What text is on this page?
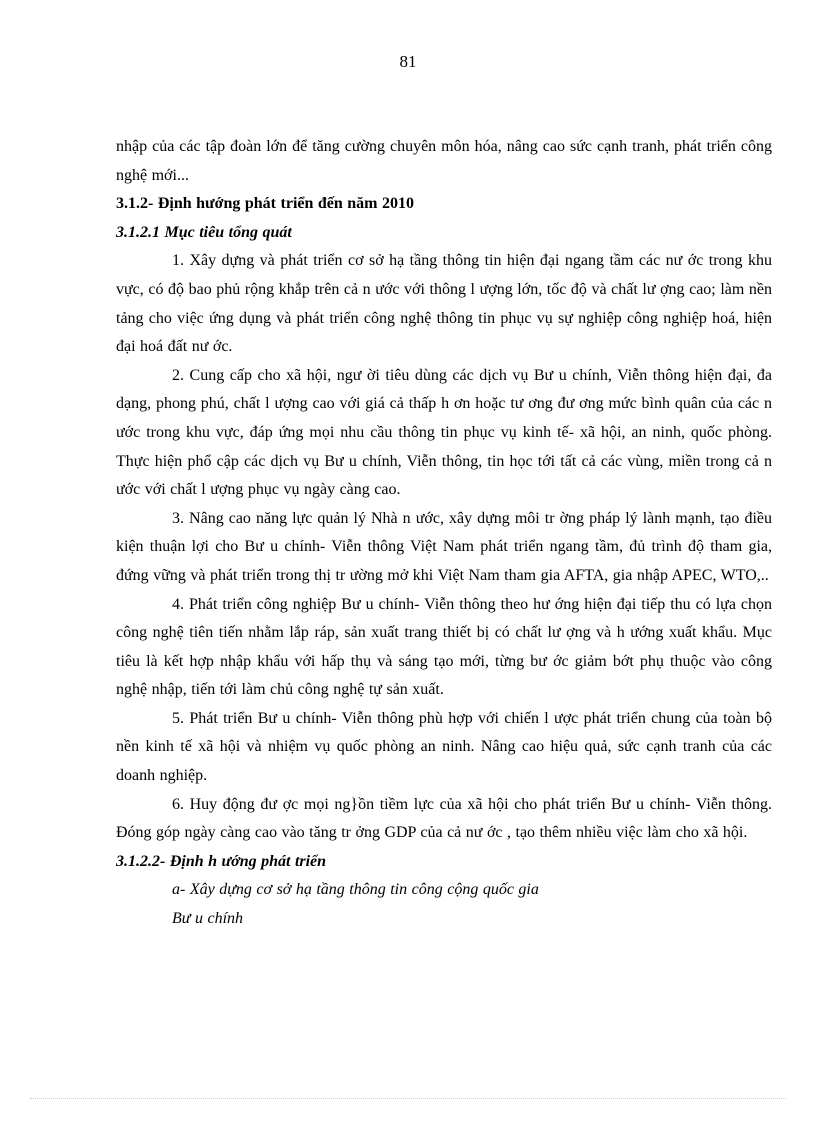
81

nhập của các tập đoàn lớn để tăng cường chuyên môn hóa, nâng cao sức cạnh tranh, phát triển công nghệ mới...

3.1.2- Định hướng phát triển đến năm 2010

3.1.2.1 Mục tiêu tổng quát

1. Xây dựng và phát triển cơ sở hạ tầng thông tin hiện đại ngang tầm các nư ớc trong khu vực, có độ bao phủ rộng khắp trên cả n ước với thông l ượng lớn, tốc độ và chất lư ợng cao; làm nền tảng cho việc ứng dụng và phát triển công nghệ thông tin phục vụ sự nghiệp công nghiệp hoá, hiện đại hoá đất nư ớc.

2. Cung cấp cho xã hội, ngư ời tiêu dùng các dịch vụ Bư u chính, Viễn thông hiện đại, đa dạng, phong phú, chất l ượng cao với giá cả thấp h ơn hoặc tư ơng đư ơng mức bình quân của các n ước trong khu vực, đáp ứng mọi nhu cầu thông tin phục vụ kinh tế- xã hội, an ninh, quốc phòng. Thực hiện phổ cập các dịch vụ Bư u chính, Viễn thông, tin học tới tất cả các vùng, miền trong cả n ước với chất l ượng phục vụ ngày càng cao.

3. Nâng cao năng lực quản lý Nhà n ước, xây dựng môi tr ờng pháp lý lành mạnh, tạo điều kiện thuận lợi cho Bư u chính- Viễn thông Việt Nam phát triển ngang tầm, đủ trình độ tham gia, đứng vững và phát triển trong thị tr ường mở khi Việt Nam tham gia AFTA, gia nhập APEC, WTO,..

4. Phát triển công nghiệp Bư u chính- Viễn thông theo hư ớng hiện đại tiếp thu có lựa chọn công nghệ tiên tiến nhằm lắp ráp, sản xuất trang thiết bị có chất lư ợng và h ướng xuất khẩu. Mục tiêu là kết hợp nhập khẩu với hấp thụ và sáng tạo mới, từng bư ớc giảm bớt phụ thuộc vào công nghệ nhập, tiến tới làm chủ công nghệ tự sản xuất.

5. Phát triển Bư u chính- Viễn thông phù hợp với chiến l ược phát triển chung của toàn bộ nền kinh tế xã hội và nhiệm vụ quốc phòng an ninh. Nâng cao hiệu quả, sức cạnh tranh của các doanh nghiệp.

6. Huy động đư ợc mọi ng}ồn tiềm lực của xã hội cho phát triển Bư u chính- Viễn thông. Đóng góp ngày càng cao vào tăng tr ởng GDP của cả nư ớc , tạo thêm nhiều việc làm cho xã hội.

3.1.2.2- Định h ướng phát triển

a- Xây dựng cơ sở hạ tầng thông tin công cộng quốc gia

Bư u chính
